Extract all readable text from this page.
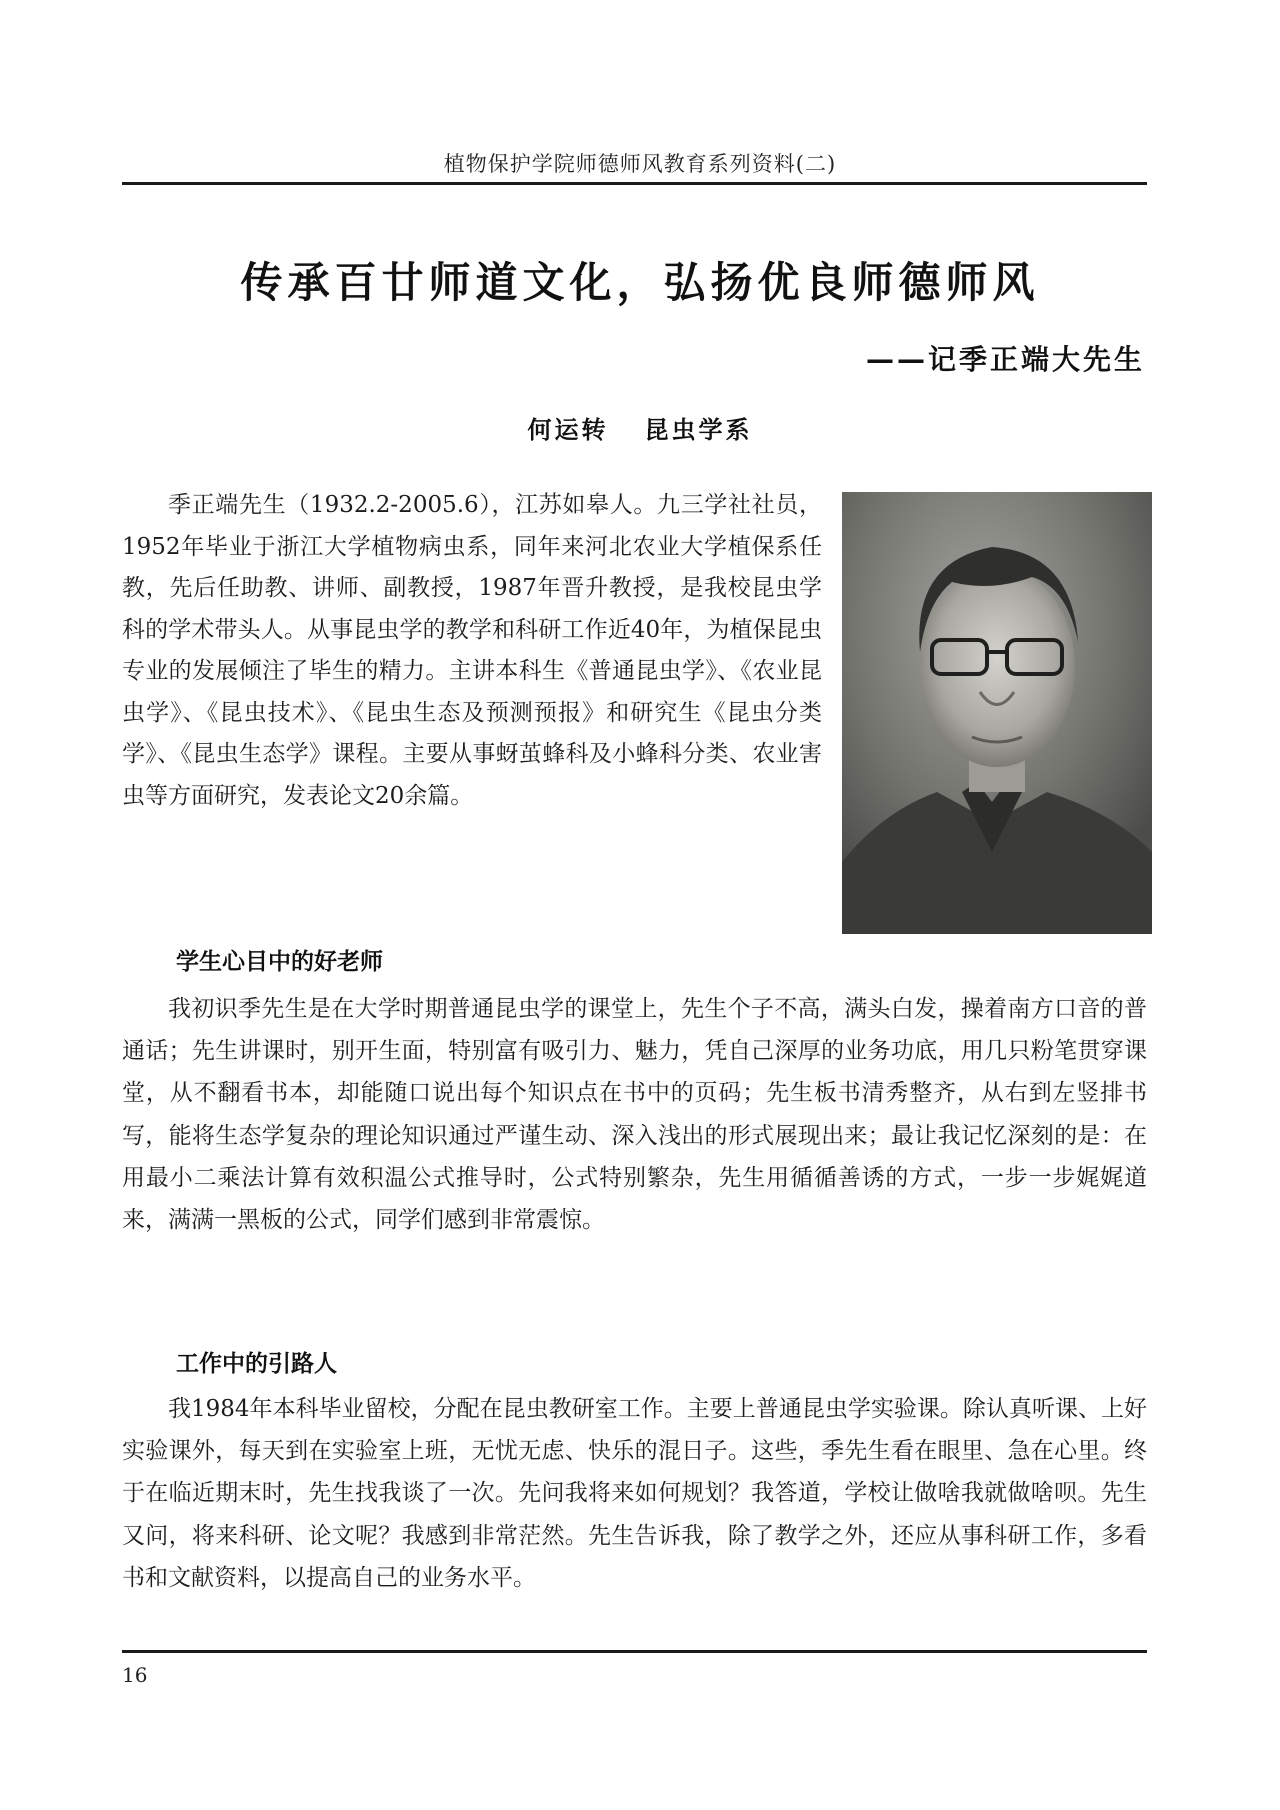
植物保护学院师德师风教育系列资料(二)
传承百廿师道文化，弘扬优良师德师风
——记季正端大先生
何运转 昆虫学系

季正端先生（1932.2-2005.6），江苏如皋人。九三学社社员，1952年毕业于浙江大学植物病虫系，同年来河北农业大学植保系任教，先后任助教、讲师、副教授，1987年晋升教授，是我校昆虫学科的学术带头人。从事昆虫学的教学和科研工作近40年，为植保昆虫专业的发展倾注了毕生的精力。主讲本科生《普通昆虫学》、《农业昆虫学》、《昆虫技术》、《昆虫生态及预测预报》和研究生《昆虫分类学》、《昆虫生态学》课程。主要从事蚜茧蜂科及小蜂科分类、农业害虫等方面研究，发表论文20余篇。

学生心目中的好老师

我初识季先生是在大学时期普通昆虫学的课堂上，先生个子不高，满头白发，操着南方口音的普通话；先生讲课时，别开生面，特别富有吸引力、魅力，凭自己深厚的业务功底，用几只粉笔贯穿课堂，从不翻看书本，却能随口说出每个知识点在书中的页码；先生板书清秀整齐，从右到左竖排书写，能将生态学复杂的理论知识通过严谨生动、深入浅出的形式展现出来；最让我记忆深刻的是：在用最小二乘法计算有效积温公式推导时，公式特别繁杂，先生用循循善诱的方式，一步一步娓娓道来，满满一黑板的公式，同学们感到非常震惊。

工作中的引路人

我1984年本科毕业留校，分配在昆虫教研室工作。主要上普通昆虫学实验课。除认真听课、上好实验课外，每天到在实验室上班，无忧无虑、快乐的混日子。这些，季先生看在眼里、急在心里。终于在临近期末时，先生找我谈了一次。先问我将来如何规划？我答道，学校让做啥我就做啥呗。先生又问，将来科研、论文呢？我感到非常茫然。先生告诉我，除了教学之外，还应从事科研工作，多看书和文献资料，以提高自己的业务水平。

16
